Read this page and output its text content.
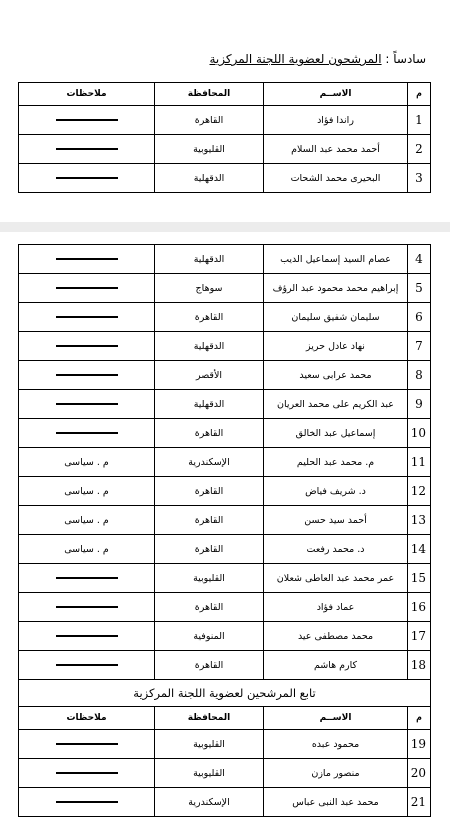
سادساً : المرشحون لعضوية اللجنة المركزية
م	الاســم	المحافظة	ملاحظات
1	راندا فؤاد	القاهرة	
2	أحمد محمد عبد السلام	القليوبية	
3	البحيرى محمد الشحات	الدقهلية	
4	عصام السيد إسماعيل الديب	الدقهلية	
5	إبراهيم محمد محمود عبد الرؤف	سوهاج	
6	سليمان شفيق سليمان	القاهرة	
7	نهاد عادل حريز	الدقهلية	
8	محمد عرابى سعيد	الأقصر	
9	عبد الكريم على محمد العريان	الدقهلية	
10	إسماعيل عبد الخالق	القاهرة	
11	م. محمد عبد الحليم	الإسكندرية	م . سياسى
12	د. شريف فياض	القاهرة	م . سياسى
13	أحمد سيد حسن	القاهرة	م . سياسى
14	د. محمد رفعت	القاهرة	م . سياسى
15	عمر محمد عبد العاطى شعلان	القليوبية	
16	عماد فؤاد	القاهرة	
17	محمد مصطفى عيد	المنوفية	
18	كارم هاشم	القاهرة	
تابع المرشحين لعضوية اللجنة المركزية			
م	الاســم	المحافظة	ملاحظات
19	محمود عبده	القليوبية	
20	منصور مازن	القليوبية	
21	محمد عبد النبى عباس	الإسكندرية	
